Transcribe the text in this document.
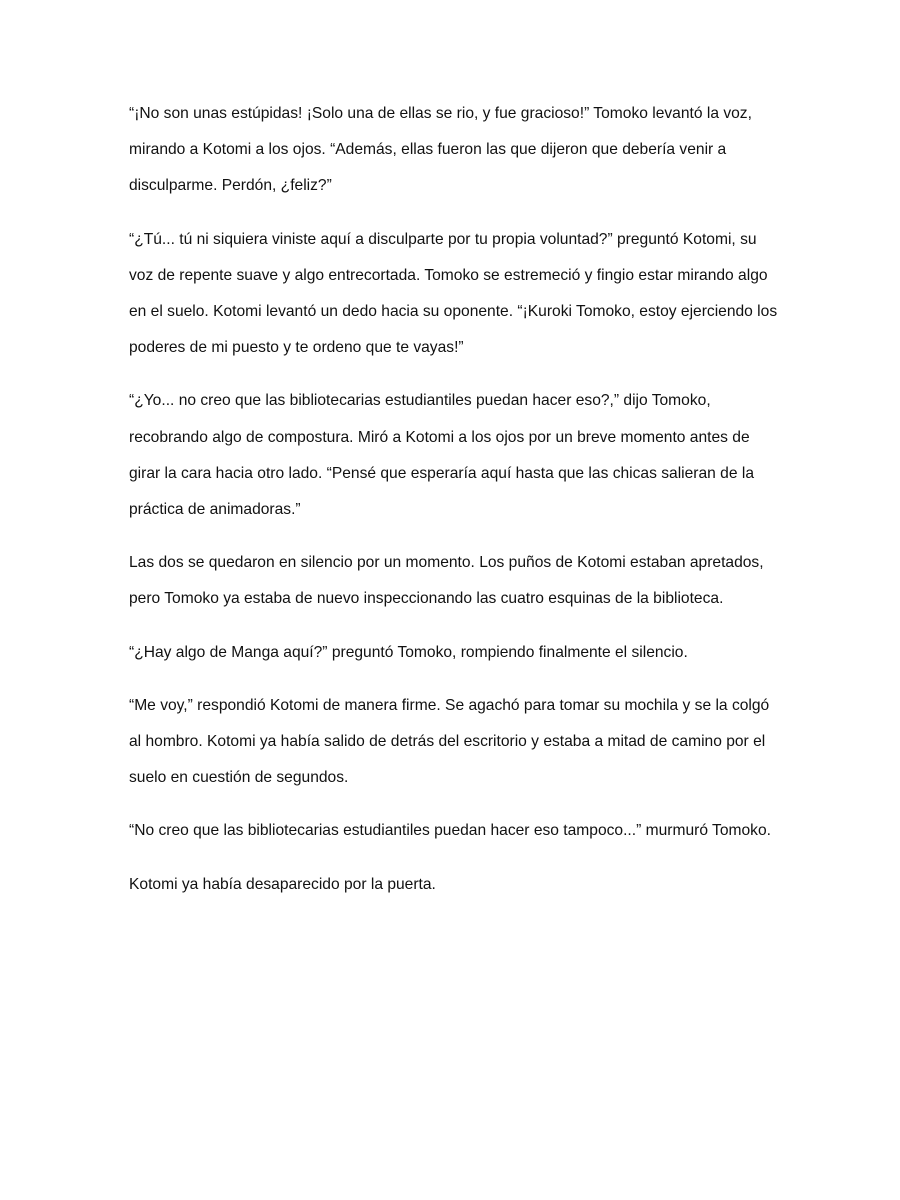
“¡No son unas estúpidas! ¡Solo una de ellas se rio, y fue gracioso!” Tomoko levantó la voz, mirando a Kotomi a los ojos. “Además, ellas fueron las que dijeron que debería venir a disculparme. Perdón, ¿feliz?”

“¿Tú... tú ni siquiera viniste aquí a disculparte por tu propia voluntad?” preguntó Kotomi, su voz de repente suave y algo entrecortada. Tomoko se estremeció y fingio estar mirando algo en el suelo. Kotomi levantó un dedo hacia su oponente. “¡Kuroki Tomoko, estoy ejerciendo los poderes de mi puesto y te ordeno que te vayas!”

“¿Yo... no creo que las bibliotecarias estudiantiles puedan hacer eso?,” dijo Tomoko, recobrando algo de compostura. Miró a Kotomi a los ojos por un breve momento antes de girar la cara hacia otro lado. “Pensé que esperaría aquí hasta que las chicas salieran de la práctica de animadoras.”

Las dos se quedaron en silencio por un momento. Los puños de Kotomi estaban apretados, pero Tomoko ya estaba de nuevo inspeccionando las cuatro esquinas de la biblioteca.

“¿Hay algo de Manga aquí?” preguntó Tomoko, rompiendo finalmente el silencio.

“Me voy,” respondió Kotomi de manera firme. Se agachó para tomar su mochila y se la colgó al hombro. Kotomi ya había salido de detrás del escritorio y estaba a mitad de camino por el suelo en cuestión de segundos.

“No creo que las bibliotecarias estudiantiles puedan hacer eso tampoco...” murmuró Tomoko.

Kotomi ya había desaparecido por la puerta.
